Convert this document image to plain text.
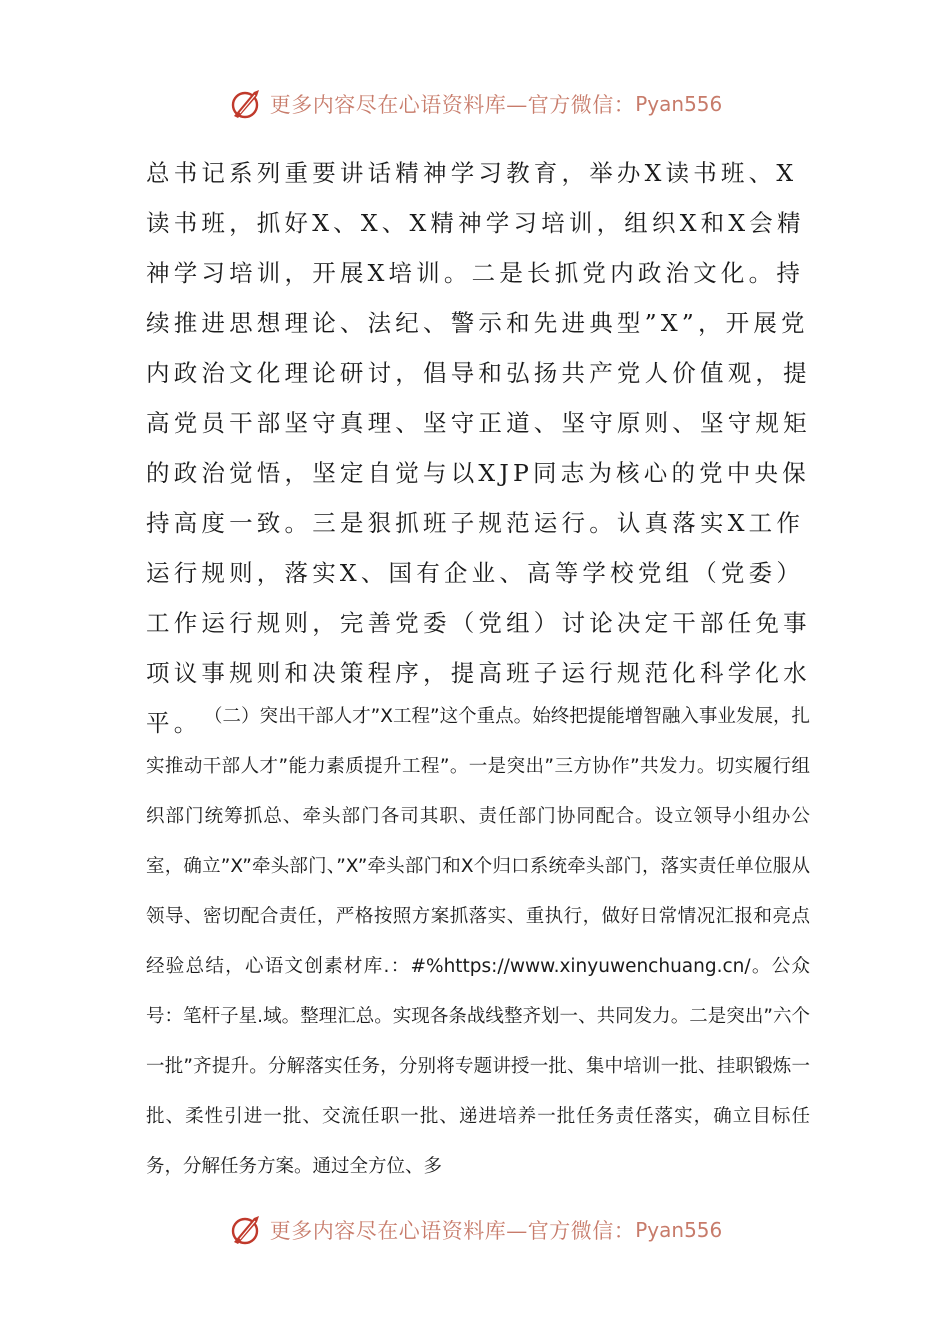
更多内容尽在心语资料库—官方微信： Pyan556

总书记系列重要讲话精神学习教育，举办X读书班、X读书班，抓好X、X、X精神学习培训，组织X和X会精神学习培训，开展X培训。二是长抓党内政治文化。持续推进思想理论、法纪、警示和先进典型”X”，开展党内政治文化理论研讨，倡导和弘扬共产党人价值观，提高党员干部坚守真理、坚守正道、坚守原则、坚守规矩的政治觉悟，坚定自觉与以XJP同志为核心的党中央保持高度一致。三是狠抓班子规范运行。认真落实X工作运行规则，落实X、国有企业、高等学校党组（党委）工作运行规则，完善党委（党组）讨论决定干部任免事项议事规则和决策程序，提高班子运行规范化科学化水平。 （二）突出干部人才”X工程”这个重点。始终把提能增智融入事业发展，扎实推动干部人才”能力素质提升工程”。一是突出”三方协作”共发力。切实履行组织部门统筹抓总、牵头部门各司其职、责任部门协同配合。设立领导小组办公室，确立”X”牵头部门、”X”牵头部门和X个归口系统牵头部门，落实责任单位服从领导、密切配合责任，严格按照方案抓落实、重执行，做好日常情况汇报和亮点经验总结，心语文创素材库.：#%https://www.xinyuwenchuang.cn/。公众号：笔杆子星.域。整理汇总。实现各条战线整齐划一、共同发力。二是突出”六个一批”齐提升。分解落实任务，分别将专题讲授一批、集中培训一批、挂职锻炼一批、柔性引进一批、交流任职一批、递进培养一批任务责任落实，确立目标任务，分解任务方案。通过全方位、多

更多内容尽在心语资料库—官方微信： Pyan556
